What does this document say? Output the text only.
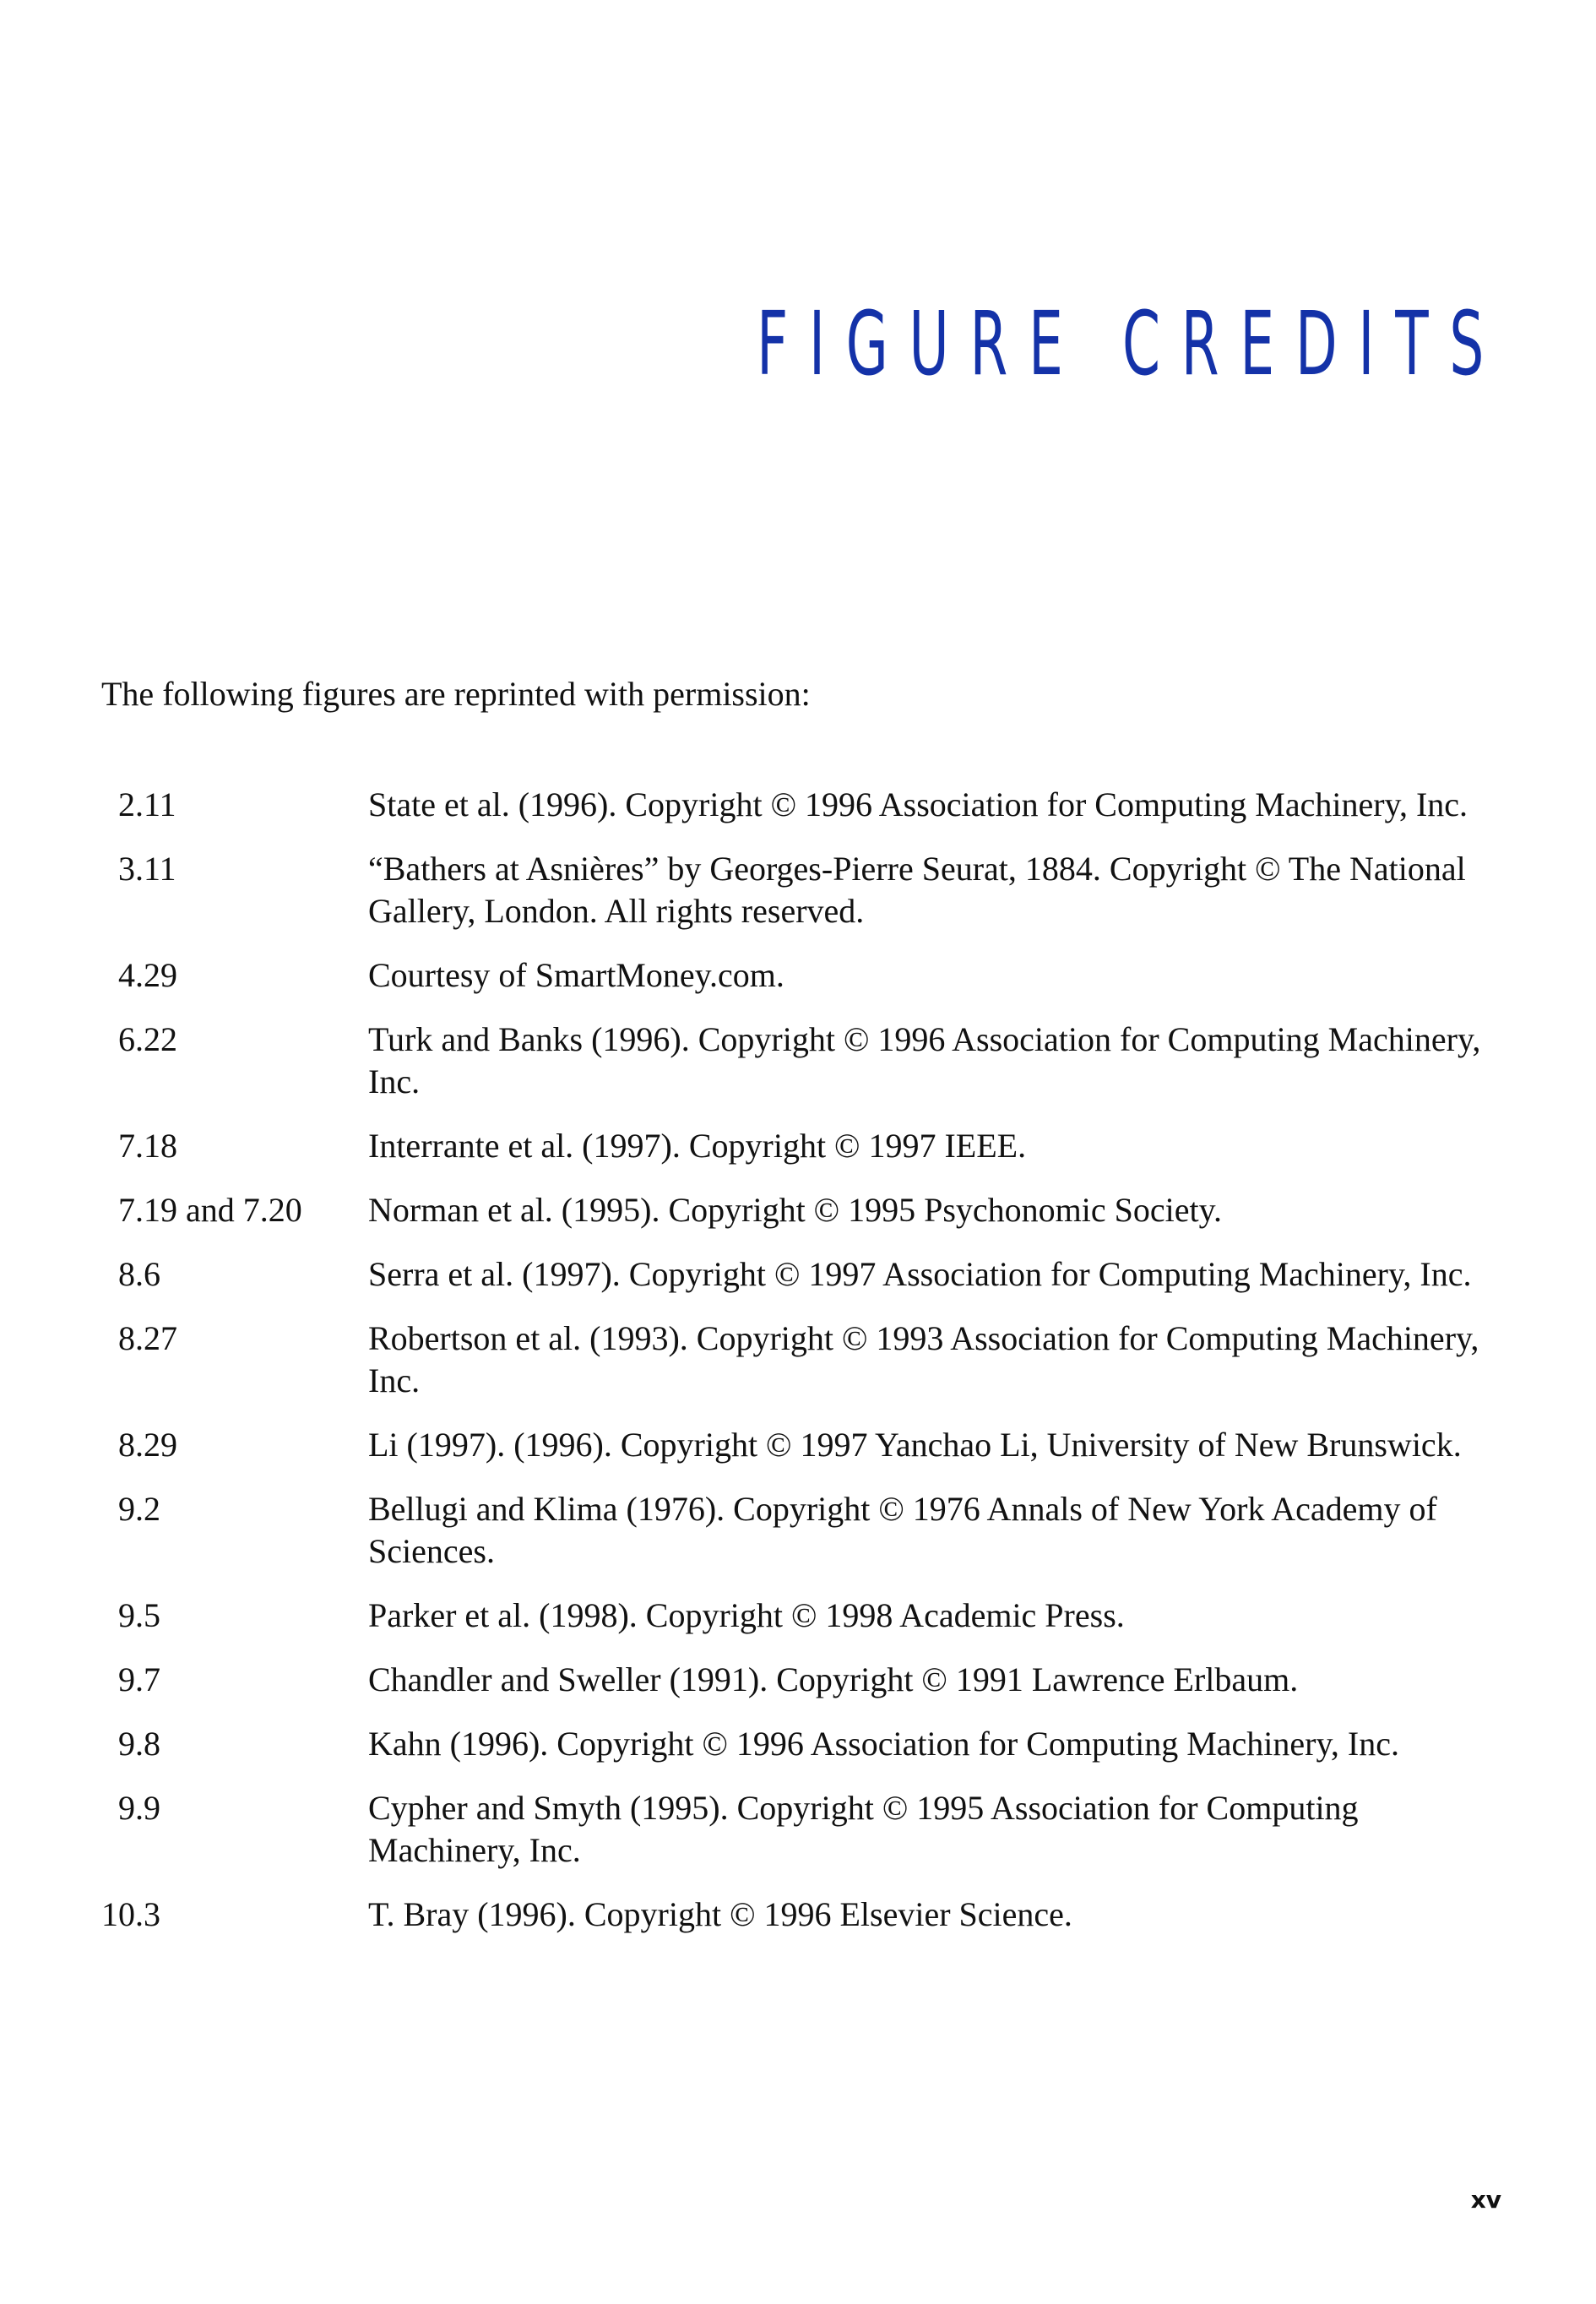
FIGURE CREDITS

The following figures are reprinted with permission:

2.11	State et al. (1996). Copyright © 1996 Association for Computing Machinery, Inc.
3.11	“Bathers at Asnières” by Georges-Pierre Seurat, 1884. Copyright © The National Gallery, London. All rights reserved.
4.29	Courtesy of SmartMoney.com.
6.22	Turk and Banks (1996). Copyright © 1996 Association for Computing Machinery, Inc.
7.18	Interrante et al. (1997). Copyright © 1997 IEEE.
7.19 and 7.20	Norman et al. (1995). Copyright © 1995 Psychonomic Society.
8.6	Serra et al. (1997). Copyright © 1997 Association for Computing Machinery, Inc.
8.27	Robertson et al. (1993). Copyright © 1993 Association for Computing Machinery, Inc.
8.29	Li (1997). (1996). Copyright © 1997 Yanchao Li, University of New Brunswick.
9.2	Bellugi and Klima (1976). Copyright © 1976 Annals of New York Academy of Sciences.
9.5	Parker et al. (1998). Copyright © 1998 Academic Press.
9.7	Chandler and Sweller (1991). Copyright © 1991 Lawrence Erlbaum.
9.8	Kahn (1996). Copyright © 1996 Association for Computing Machinery, Inc.
9.9	Cypher and Smyth (1995). Copyright © 1995 Association for Computing Machinery, Inc.
10.3	T. Bray (1996). Copyright © 1996 Elsevier Science.

xv
